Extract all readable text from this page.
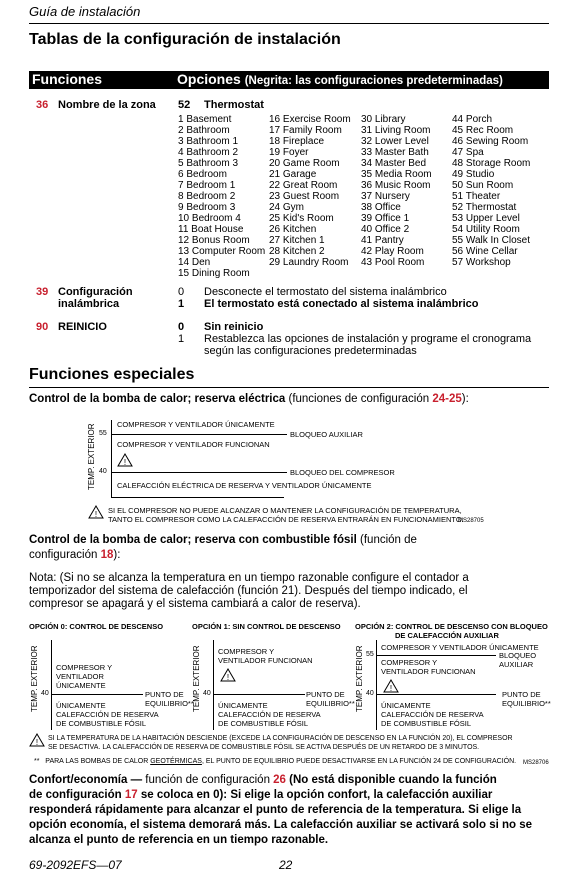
Guía de instalación
Tablas de la configuración de instalación
Funciones	Opciones (Negrita: las configuraciones predeterminadas)
36 Nombre de la zona 52 Thermostat
1 Basement
2 Bathroom
3 Bathroom 1
4 Bathroom 2
5 Bathroom 3
6 Bedroom
7 Bedroom 1
8 Bedroom 2
9 Bedroom 3
10 Bedroom 4
11 Boat House
12 Bonus Room
13 Computer Room
14 Den
15 Dining Room
16 Exercise Room
17 Family Room
18 Fireplace
19 Foyer
20 Game Room
21 Garage
22 Great Room
23 Guest Room
24 Gym
25 Kid's Room
26 Kitchen
27 Kitchen 1
28 Kitchen 2
29 Laundry Room
30 Library
31 Living Room
32 Lower Level
33 Master Bath
34 Master Bed
35 Media Room
36 Music Room
37 Nursery
38 Office
39 Office 1
40 Office 2
41 Pantry
42 Play Room
43 Pool Room
44 Porch
45 Rec Room
46 Sewing Room
47 Spa
48 Storage Room
49 Studio
50 Sun Room
51 Theater
52 Thermostat
53 Upper Level
54 Utility Room
55 Walk In Closet
56 Wine Cellar
57 Workshop
39 Configuración
inalámbrica
0 Desconecte el termostato del sistema inalámbrico
1 El termostato está conectado al sistema inalámbrico
90 REINICIO	0 Sin reinicio
1 Restablezca las opciones de instalación y programe el cronograma
según las configuraciones predeterminadas
Funciones especiales
Control de la bomba de calor; reserva eléctrica (funciones de configuración 24-25):
TEMP. EXTERIOR 55
40
COMPRESOR Y VENTILADOR ÚNICAMENTE
BLOQUEO AUXILIAR
COMPRESOR Y VENTILADOR FUNCIONAN
!
BLOQUEO DEL COMPRESOR
CALEFACCIÓN ELÉCTRICA DE RESERVA Y VENTILADOR ÚNICAMENTE
! SI EL COMPRESOR NO PUEDE ALCANZAR O MANTENER LA CONFIGURACIÓN DE TEMPERATURA,
TANTO EL COMPRESOR COMO LA CALEFACCIÓN DE RESERVA ENTRARÁN EN FUNCIONAMIENTO.
MS28705
Control de la bomba de calor; reserva con combustible fósil (función de
configuración 18):
Nota: (Si no se alcanza la temperatura en un tiempo razonable configure el contador a
temporizador del sistema de calefacción (función 21). Después del tiempo indicado, el
compresor se apagará y el sistema cambiará a calor de reserva).
OPCIÓN 0: CONTROL DE DESCENSO
TEMP. EXTERIOR 40
COMPRESOR Y
VENTILADOR
ÚNICAMENTE
PUNTO DE
EQUILIBRIO**
ÚNICAMENTE
CALEFACCIÓN DE RESERVA
DE COMBUSTIBLE FÓSIL
OPCIÓN 1: SIN CONTROL DE DESCENSO
TEMP. EXTERIOR 40
COMPRESOR Y
VENTILADOR FUNCIONAN
!
PUNTO DE
EQUILIBRIO**
ÚNICAMENTE
CALEFACCIÓN DE RESERVA
DE COMBUSTIBLE FÓSIL
OPCIÓN 2: CONTROL DE DESCENSO CON BLOQUEO
DE CALEFACCIÓN AUXILIAR
TEMP. EXTERIOR 55
40
COMPRESOR Y VENTILADOR ÚNICAMENTE
BLOQUEO
AUXILIAR
COMPRESOR Y
VENTILADOR FUNCIONAN
!
PUNTO DE
EQUILIBRIO**
ÚNICAMENTE
CALEFACCIÓN DE RESERVA
DE COMBUSTIBLE FÓSIL
! SI LA TEMPERATURA DE LA HABITACIÓN DESCIENDE (EXCEDE LA CONFIGURACIÓN DE DESCENSO EN LA FUNCIÓN 20), EL COMPRESOR
SE DESACTIVA. LA CALEFACCIÓN DE RESERVA DE COMBUSTIBLE FÓSIL SE ACTIVA DESPUÉS DE UN RETARDO DE 3 MINUTOS.
** PARA LAS BOMBAS DE CALOR GEOTÉRMICAS, EL PUNTO DE EQUILIBRIO PUEDE DESACTIVARSE EN LA FUNCIÓN 24 DE CONFIGURACIÓN. MS28706
Confort/economía — función de configuración 26 (No está disponible cuando la función
de configuración 17 se coloca en 0): Si elige la opción confort, la calefacción auxiliar
responderá rápidamente para alcanzar el punto de referencia de la temperatura. Si elige la
opción economía, el sistema demorará más. La calefacción auxiliar se activará solo si no se
alcanza el punto de referencia en un tiempo razonable.
69-2092EFS—07	22
